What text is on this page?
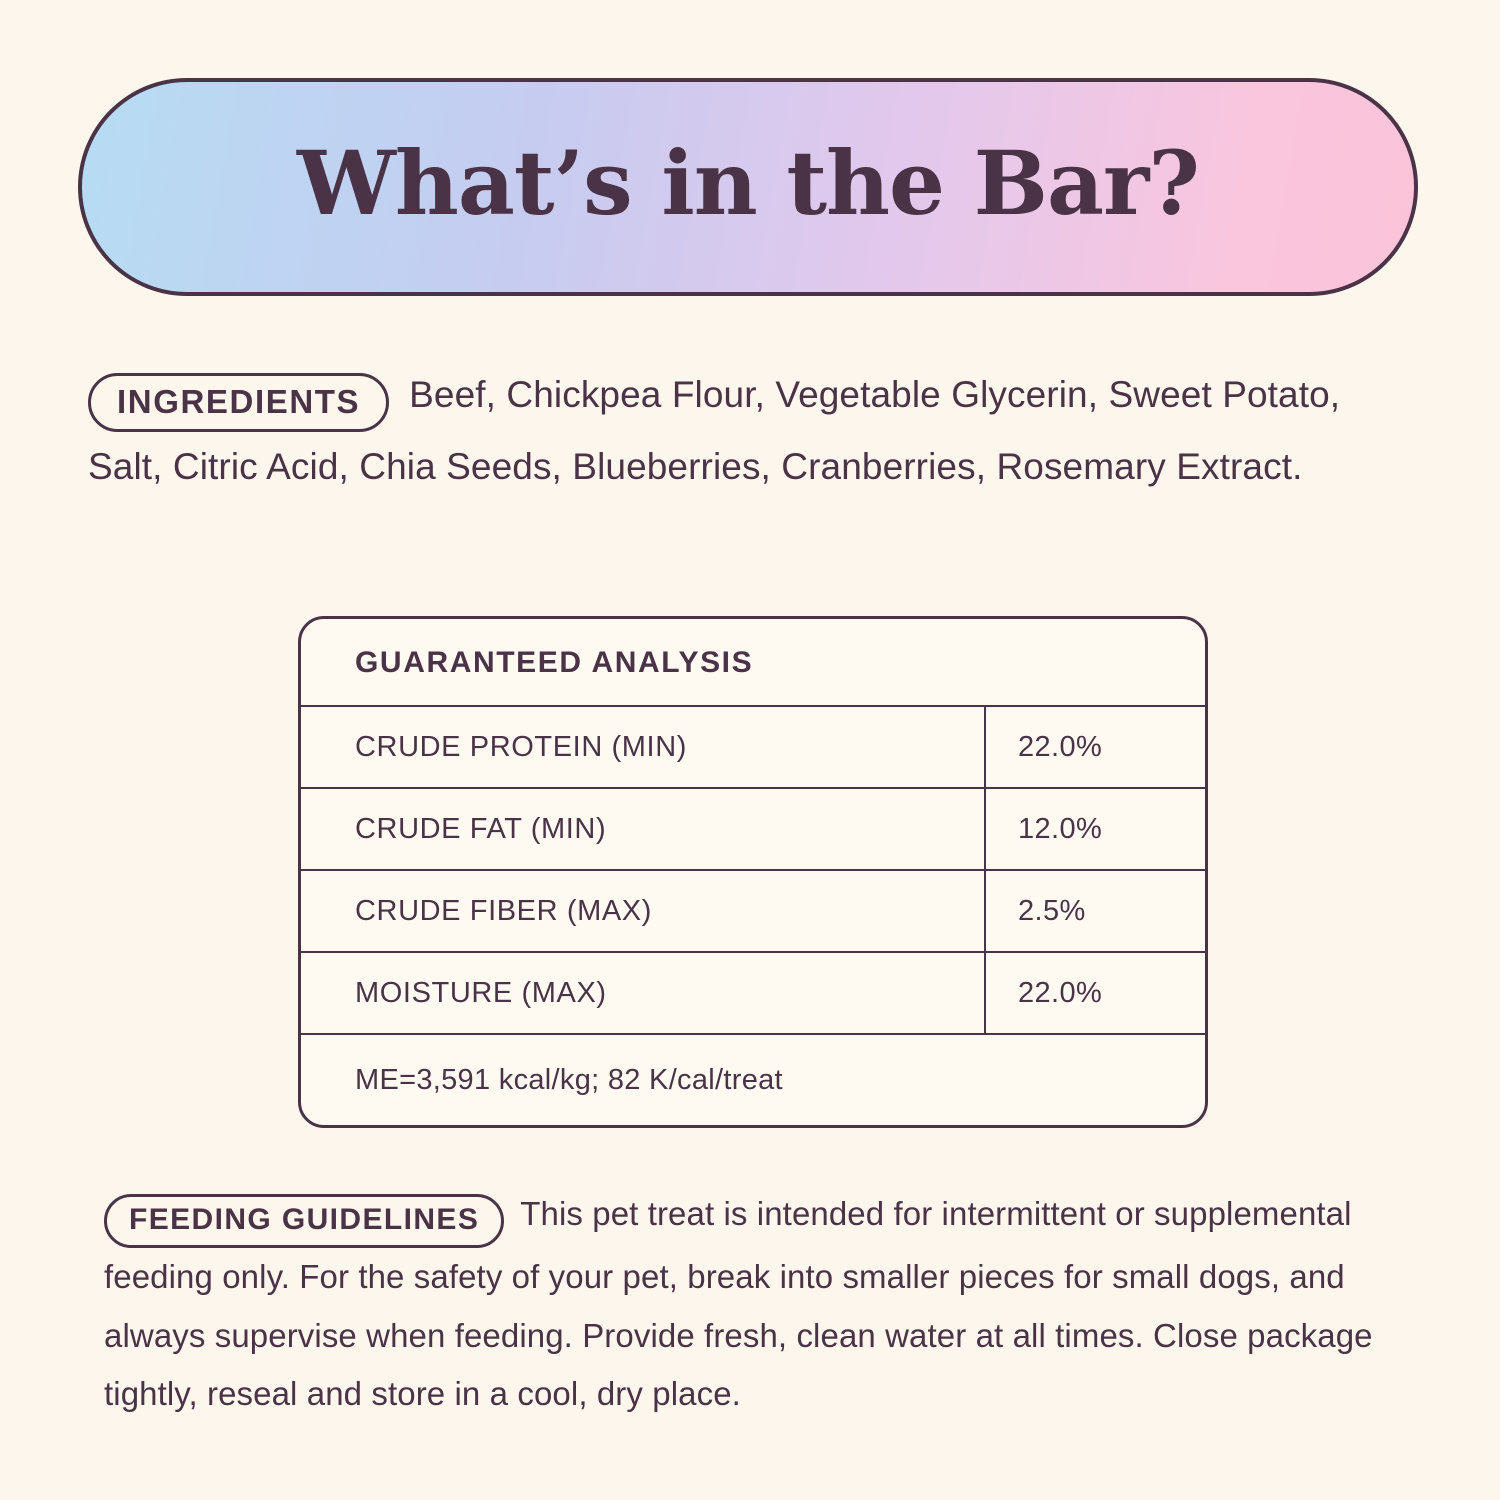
What’s in the Bar?
INGREDIENTS Beef, Chickpea Flour, Vegetable Glycerin, Sweet Potato, Salt, Citric Acid, Chia Seeds, Blueberries, Cranberries, Rosemary Extract.
GUARANTEED ANALYSIS
CRUDE PROTEIN (MIN)	22.0%
CRUDE FAT (MIN)	12.0%
CRUDE FIBER (MAX)	2.5%
MOISTURE (MAX)	22.0%
ME=3,591 kcal/kg; 82 K/cal/treat
FEEDING GUIDELINES This pet treat is intended for intermittent or supplemental feeding only. For the safety of your pet, break into smaller pieces for small dogs, and always supervise when feeding. Provide fresh, clean water at all times. Close package tightly, reseal and store in a cool, dry place.
